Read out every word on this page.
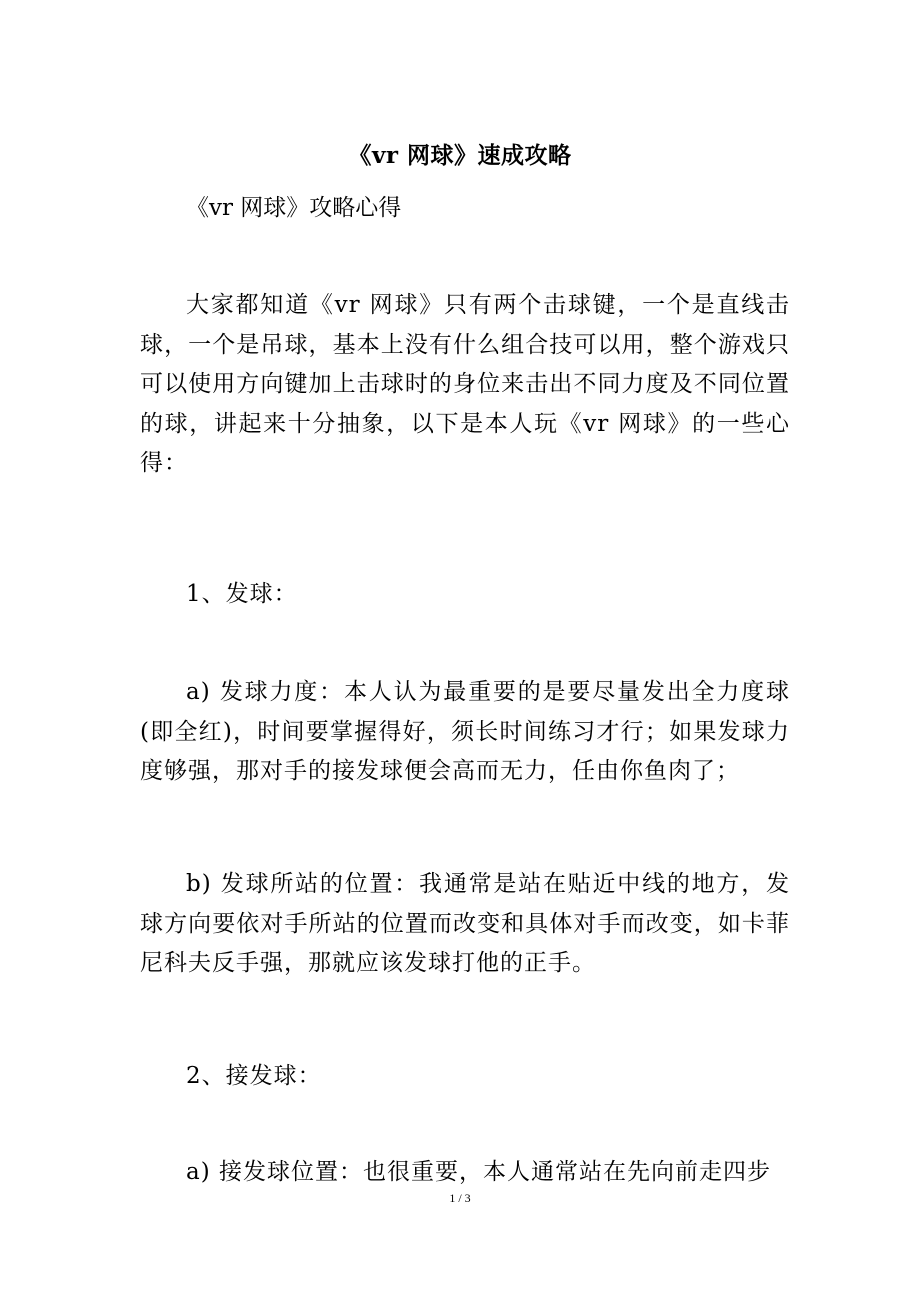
《vr 网球》速成攻略
《vr 网球》攻略心得
大家都知道《vr 网球》只有两个击球键，一个是直线击球，一个是吊球，基本上没有什么组合技可以用，整个游戏只可以使用方向键加上击球时的身位来击出不同力度及不同位置的球，讲起来十分抽象，以下是本人玩《vr 网球》的一些心得：
1、发球：
a) 发球力度：本人认为最重要的是要尽量发出全力度球(即全红)，时间要掌握得好，须长时间练习才行；如果发球力度够强，那对手的接发球便会高而无力，任由你鱼肉了；
b) 发球所站的位置：我通常是站在贴近中线的地方，发球方向要依对手所站的位置而改变和具体对手而改变，如卡菲尼科夫反手强，那就应该发球打他的正手。
2、接发球：
a) 接发球位置：也很重要，本人通常站在先向前走四步
1 / 3
